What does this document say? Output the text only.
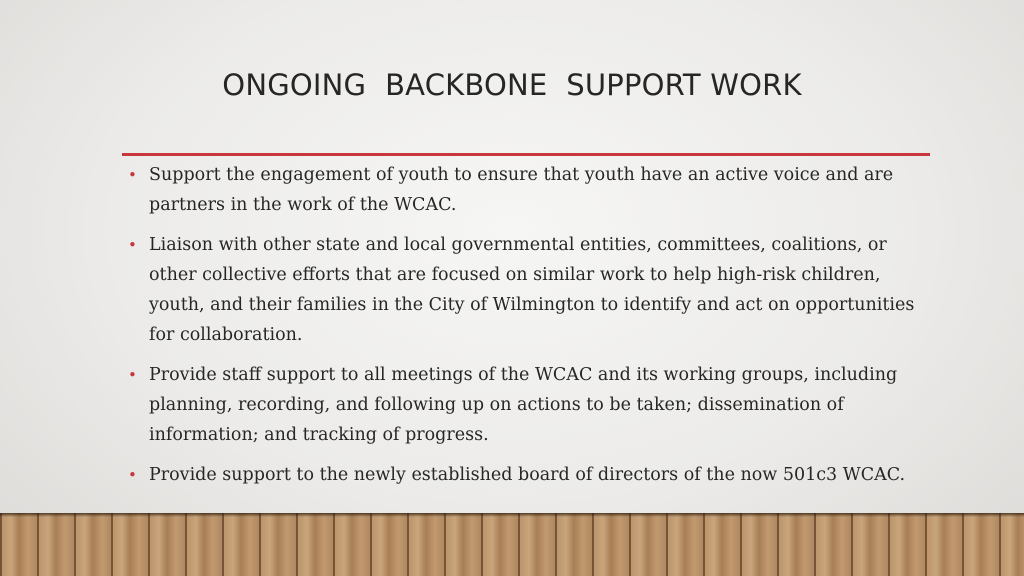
ONGOING  BACKBONE  SUPPORT WORK
• Support the engagement of youth to ensure that youth have an active voice and are partners in the work of the WCAC.
• Liaison with other state and local governmental entities, committees, coalitions, or other collective efforts that are focused on similar work to help high-risk children, youth, and their families in the City of Wilmington to identify and act on opportunities for collaboration.
• Provide staff support to all meetings of the WCAC and its working groups, including planning, recording, and following up on actions to be taken; dissemination of information; and tracking of progress.
• Provide support to the newly established board of directors of the now 501c3 WCAC.
